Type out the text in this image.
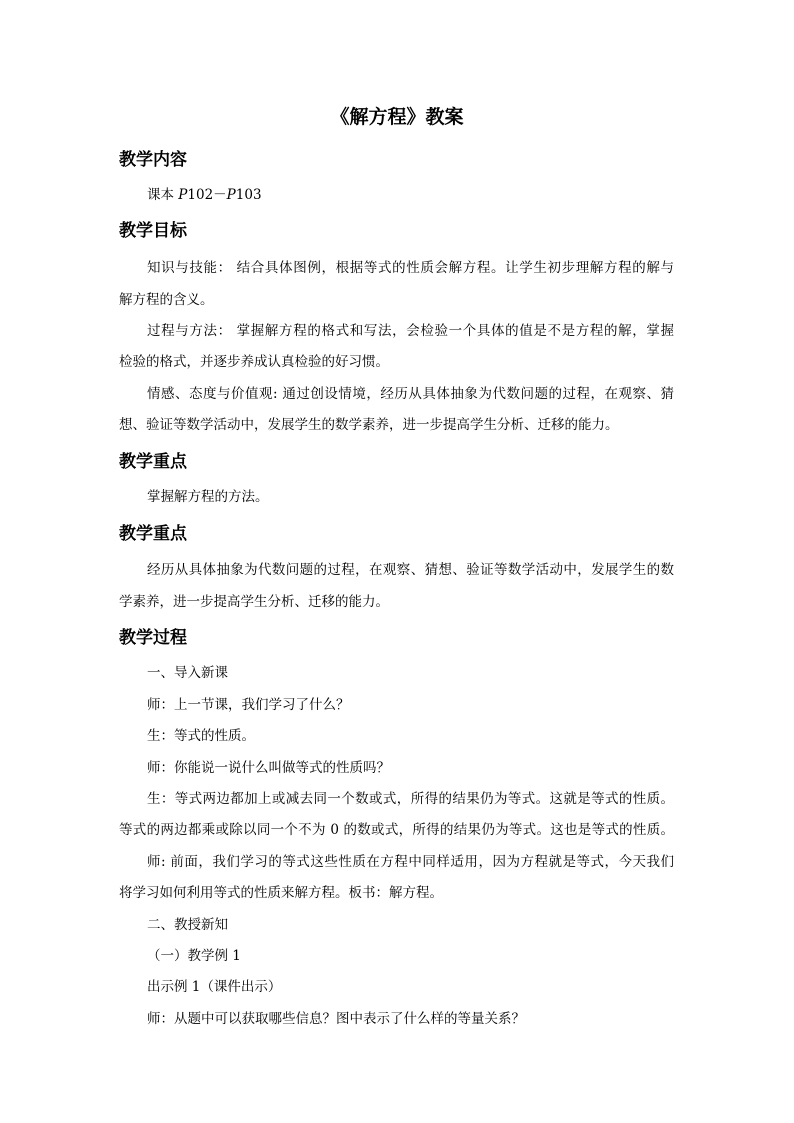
《解方程》教案
教学内容
课本 P102－P103
教学目标
知识与技能： 结合具体图例，根据等式的性质会解方程。让学生初步理解方程的解与
解方程的含义。
过程与方法： 掌握解方程的格式和写法，会检验一个具体的值是不是方程的解，掌握
检验的格式，并逐步养成认真检验的好习惯。
情感、态度与价值观: 通过创设情境，经历从具体抽象为代数问题的过程，在观察、猜
想、验证等数学活动中，发展学生的数学素养，进一步提高学生分析、迁移的能力。
教学重点
掌握解方程的方法。
教学重点
经历从具体抽象为代数问题的过程，在观察、猜想、验证等数学活动中，发展学生的数
学素养，进一步提高学生分析、迁移的能力。
教学过程
一、导入新课
师：上一节课，我们学习了什么？
生：等式的性质。
师：你能说一说什么叫做等式的性质吗？
生：等式两边都加上或减去同一个数或式，所得的结果仍为等式。这就是等式的性质。
等式的两边都乘或除以同一个不为 0 的数或式，所得的结果仍为等式。这也是等式的性质。
师: 前面，我们学习的等式这些性质在方程中同样适用，因为方程就是等式，今天我们
将学习如何利用等式的性质来解方程。板书：解方程。
二、教授新知
（一）教学例 1
出示例 1（课件出示）
师：从题中可以获取哪些信息？图中表示了什么样的等量关系？
